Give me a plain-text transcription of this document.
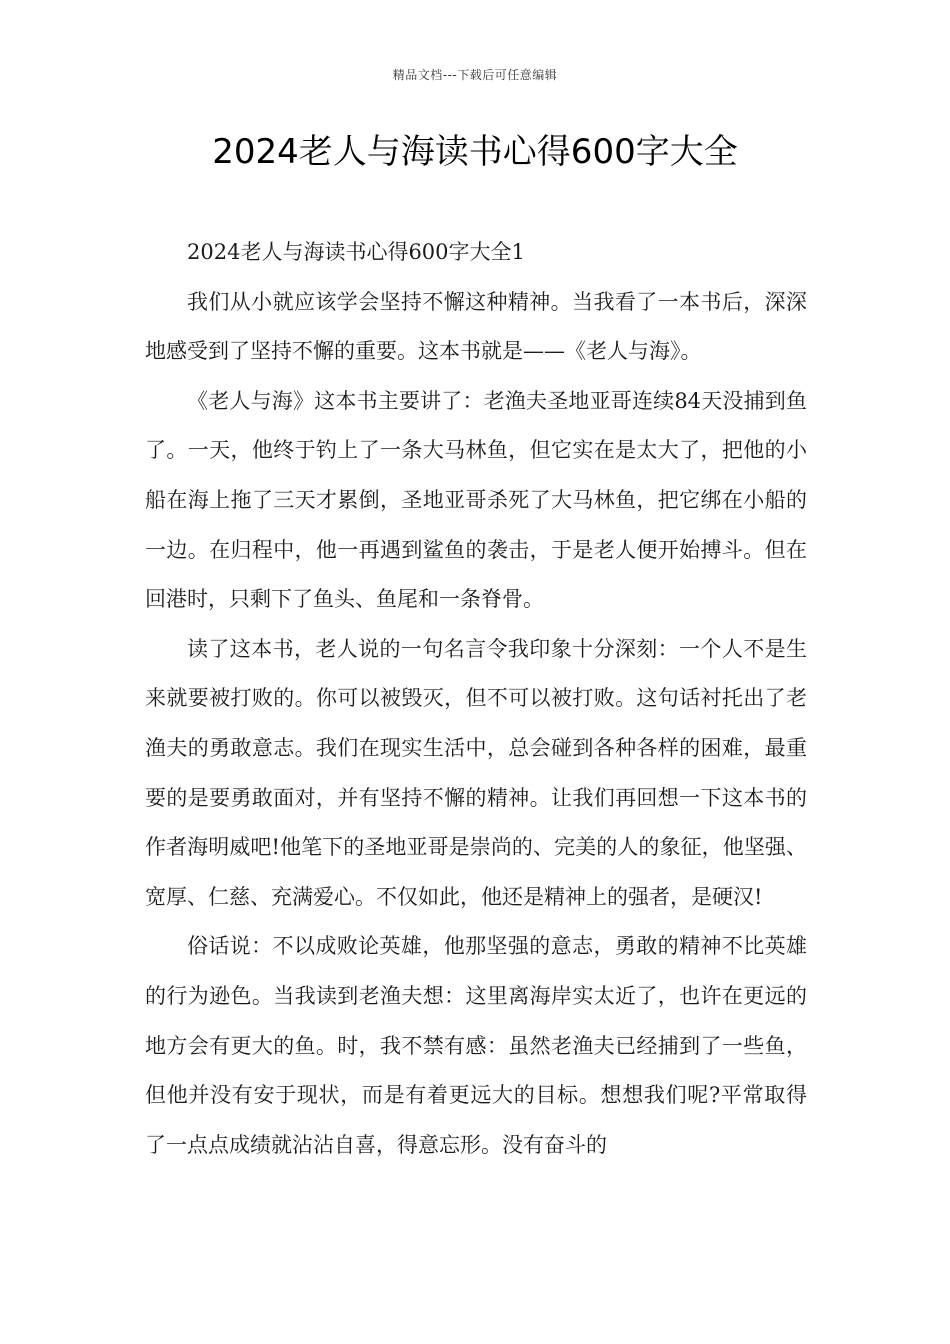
精品文档---下载后可任意编辑
2024老人与海读书心得600字大全

2024老人与海读书心得600字大全1

我们从小就应该学会坚持不懈这种精神。当我看了一本书后，深深地感受到了坚持不懈的重要。这本书就是——《老人与海》。

《老人与海》这本书主要讲了：老渔夫圣地亚哥连续84天没捕到鱼了。一天，他终于钓上了一条大马林鱼，但它实在是太大了，把他的小船在海上拖了三天才累倒，圣地亚哥杀死了大马林鱼，把它绑在小船的一边。在归程中，他一再遇到鲨鱼的袭击，于是老人便开始搏斗。但在回港时，只剩下了鱼头、鱼尾和一条脊骨。

读了这本书，老人说的一句名言令我印象十分深刻：一个人不是生来就要被打败的。你可以被毁灭，但不可以被打败。这句话衬托出了老渔夫的勇敢意志。我们在现实生活中，总会碰到各种各样的困难，最重要的是要勇敢面对，并有坚持不懈的精神。让我们再回想一下这本书的作者海明威吧!他笔下的圣地亚哥是崇尚的、完美的人的象征，他坚强、宽厚、仁慈、充满爱心。不仅如此，他还是精神上的强者，是硬汉!

俗话说：不以成败论英雄，他那坚强的意志，勇敢的精神不比英雄的行为逊色。当我读到老渔夫想：这里离海岸实太近了，也许在更远的地方会有更大的鱼。时，我不禁有感：虽然老渔夫已经捕到了一些鱼，但他并没有安于现状，而是有着更远大的目标。想想我们呢?平常取得了一点点成绩就沾沾自喜，得意忘形。没有奋斗的
